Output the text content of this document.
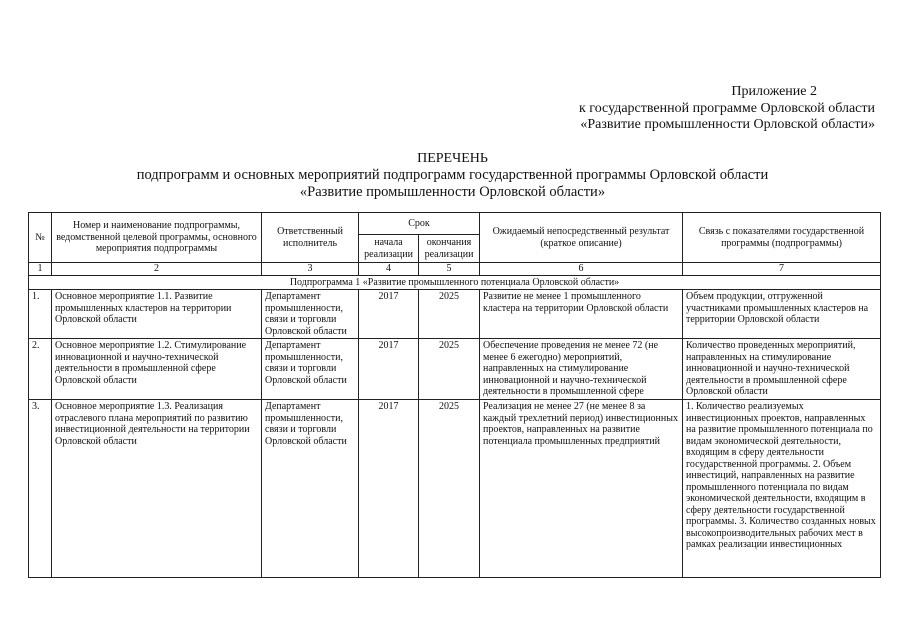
Приложение 2
к государственной программе Орловской области
«Развитие промышленности Орловской области»
ПЕРЕЧЕНЬ
подпрограмм и основных мероприятий подпрограмм государственной программы Орловской области
«Развитие промышленности Орловской области»
№	Номер и наименование подпрограммы, ведомственной целевой программы, основного мероприятия подпрограммы	Ответственный исполнитель	Срок		Ожидаемый непосредственный результат (краткое описание)	Связь с показателями государственной программы (подпрограммы)
			начала реализации	окончания реализации		
1	2	3	4	5	6	7
Подпрограмма 1 «Развитие промышленного потенциала Орловской области»						
1.	Основное мероприятие 1.1. Развитие промышленных кластеров на территории Орловской области	Департамент промышленности, связи и торговли Орловской области	2017	2025	Развитие не менее 1 промышленного кластера на территории Орловской области	Объем продукции, отгруженной участниками промышленных кластеров на территории Орловской области
2.	Основное мероприятие 1.2. Стимулирование инновационной и научно-технической деятельности в промышленной сфере Орловской области	Департамент промышленности, связи и торговли Орловской области	2017	2025	Обеспечение проведения не менее 72 (не менее 6 ежегодно) мероприятий, направленных на стимулирование инновационной и научно-технической деятельности в промышленной сфере	Количество проведенных мероприятий, направленных на стимулирование инновационной и научно-технической деятельности в промышленной сфере Орловской области
3.	Основное мероприятие 1.3. Реализация отраслевого плана мероприятий по развитию инвестиционной деятельности на территории Орловской области	Департамент промышленности, связи и торговли Орловской области	2017	2025	Реализация не менее 27 (не менее 8 за каждый трехлетний период) инвестиционных проектов, направленных на развитие потенциала промышленных предприятий	1. Количество реализуемых инвестиционных проектов, направленных на развитие промышленного потенциала по видам экономической деятельности, входящим в сферу деятельности государственной программы. 2. Объем инвестиций, направленных на развитие промышленного потенциала по видам экономической деятельности, входящим в сферу деятельности государственной программы. 3. Количество созданных новых высокопроизводительных рабочих мест в рамках реализации инвестиционных
